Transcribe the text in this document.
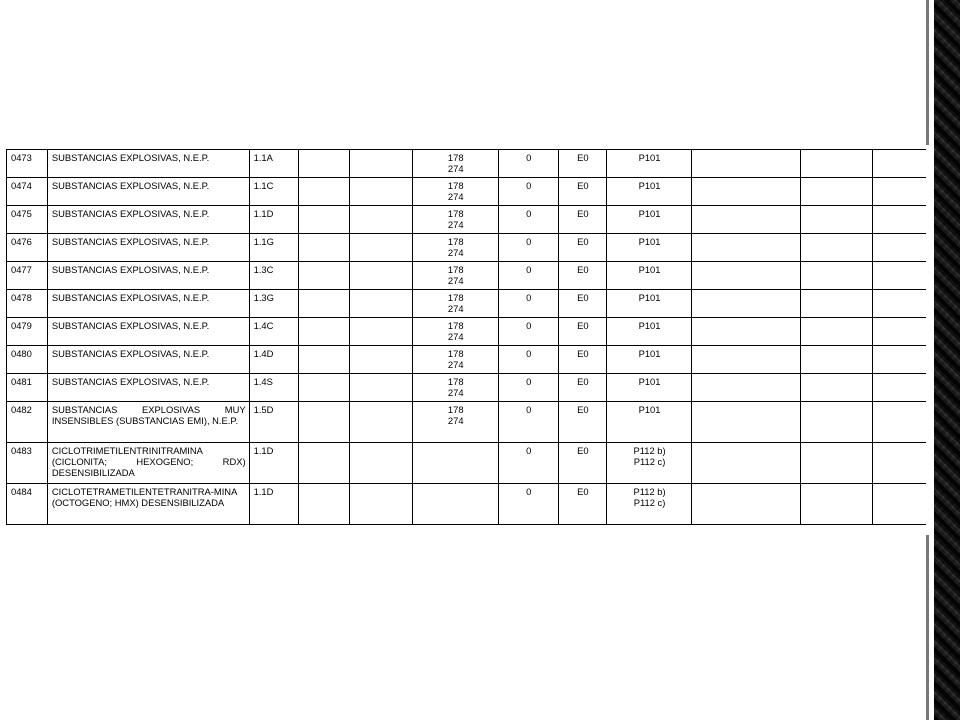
0473	SUBSTANCIAS EXPLOSIVAS, N.E.P.	1.1A			178
274	0	E0	P101			

0474	SUBSTANCIAS EXPLOSIVAS, N.E.P.	1.1C			178
274	0	E0	P101			

0475	SUBSTANCIAS EXPLOSIVAS, N.E.P.	1.1D			178
274	0	E0	P101			

0476	SUBSTANCIAS EXPLOSIVAS, N.E.P.	1.1G			178
274	0	E0	P101			

0477	SUBSTANCIAS EXPLOSIVAS, N.E.P.	1.3C			178
274	0	E0	P101			

0478	SUBSTANCIAS EXPLOSIVAS, N.E.P.	1.3G			178
274	0	E0	P101			

0479	SUBSTANCIAS EXPLOSIVAS, N.E.P.	1.4C			178
274	0	E0	P101			

0480	SUBSTANCIAS EXPLOSIVAS, N.E.P.	1.4D			178
274	0	E0	P101			

0481	SUBSTANCIAS EXPLOSIVAS, N.E.P.	1.4S			178
274	0	E0	P101			

0482	SUBSTANCIAS EXPLOSIVAS MUY INSENSIBLES (SUBSTANCIAS EMI), N.E.P.	1.5D			178
274	0	E0	P101			

0483	CICLOTRIMETILENTRINITRAMINA (CICLONITA; HEXOGENO; RDX) DESENSIBILIZADA	1.1D				0	E0	P112 b)
P112 c)			

0484	CICLOTETRAMETILENTETRANITRA-MINA (OCTOGENO; HMX) DESENSIBILIZADA	1.1D				0	E0	P112 b)
P112 c)			
